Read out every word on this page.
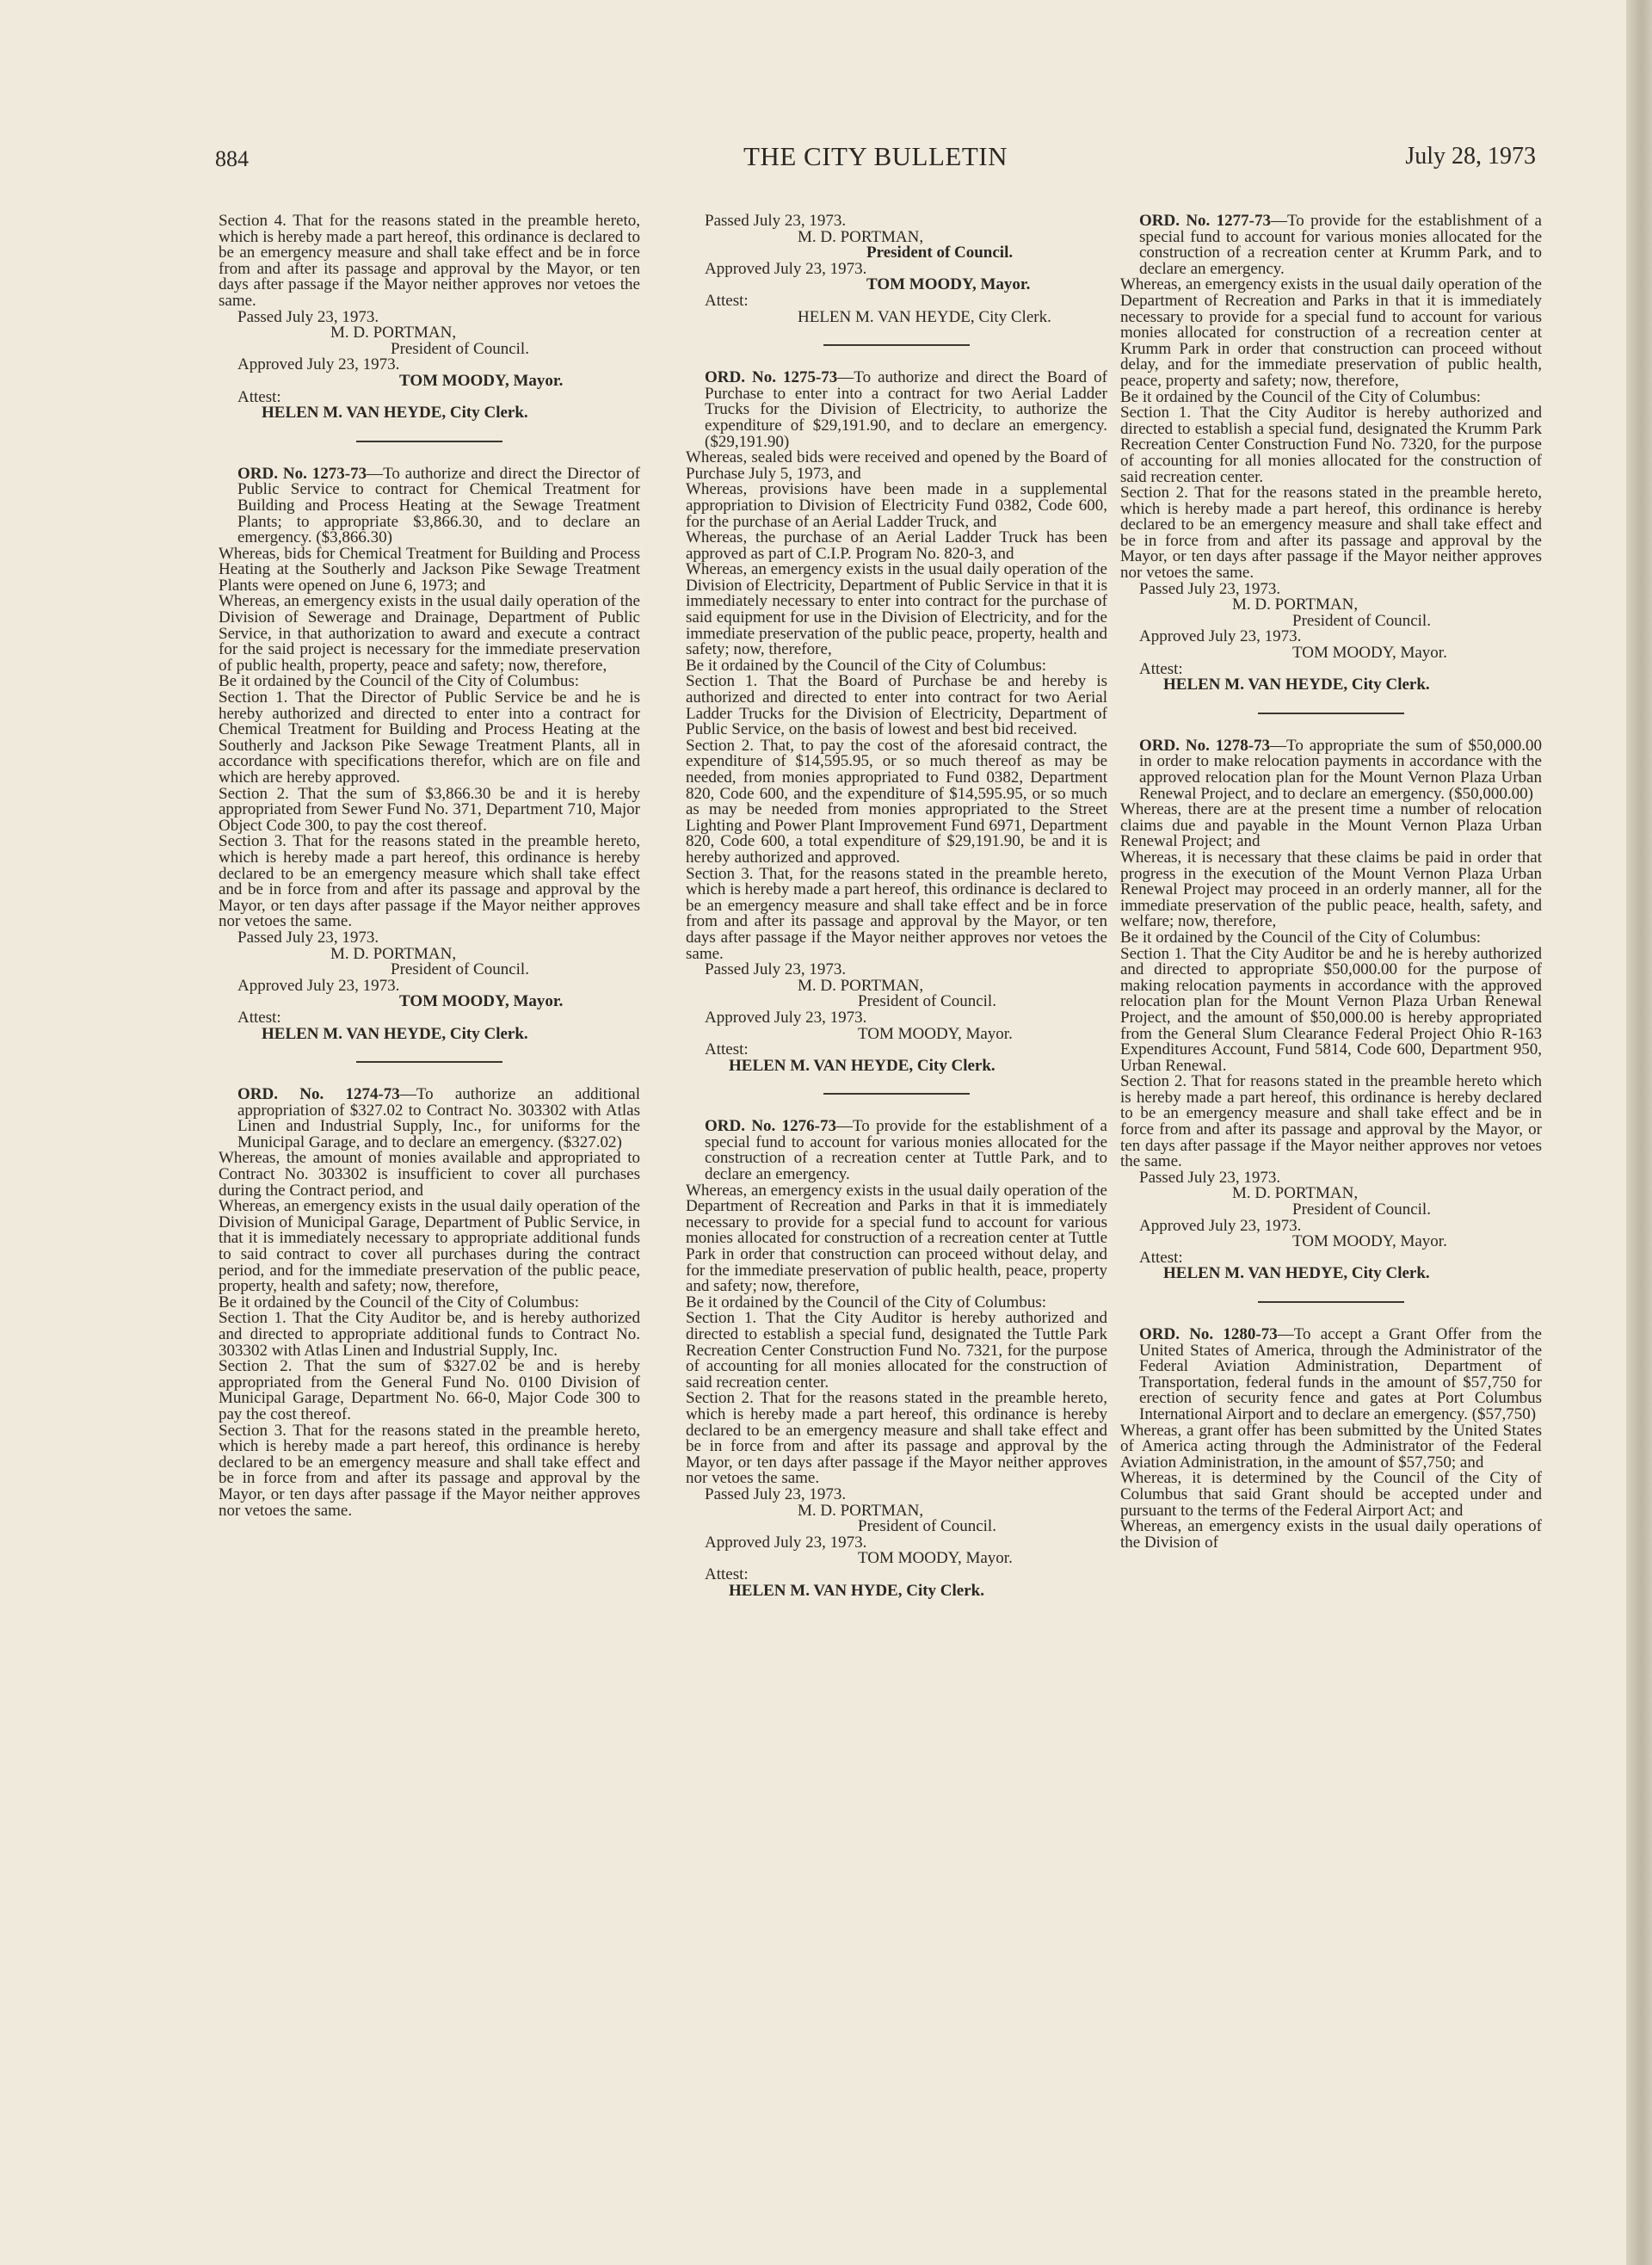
884	THE CITY BULLETIN	July 28, 1973

Section 4. That for the reasons stated in the preamble hereto, which is hereby made a part hereof, this ordinance is declared to be an emergency measure and shall take effect and be in force from and after its passage and approval by the Mayor, or ten days after passage if the Mayor neither approves nor vetoes the same.

Passed July 23, 1973.

M. D. PORTMAN,

President of Council.

Approved July 23, 1973.

TOM MOODY, Mayor.

Attest:

HELEN M. VAN HEYDE, City Clerk.

ORD. No. 1273-73—To authorize and direct the Director of Public Service to contract for Chemical Treatment for Building and Process Heating at the Sewage Treatment Plants; to appropriate $3,866.30, and to declare an emergency. ($3,866.30)

Whereas, bids for Chemical Treatment for Building and Process Heating at the Southerly and Jackson Pike Sewage Treatment Plants were opened on June 6, 1973; and

Whereas, an emergency exists in the usual daily operation of the Division of Sewerage and Drainage, Department of Public Service, in that authorization to award and execute a contract for the said project is necessary for the immediate preservation of public health, property, peace and safety; now, therefore,

Be it ordained by the Council of the City of Columbus:

Section 1. That the Director of Public Service be and he is hereby authorized and directed to enter into a contract for Chemical Treatment for Building and Process Heating at the Southerly and Jackson Pike Sewage Treatment Plants, all in accordance with specifications therefor, which are on file and which are hereby approved.

Section 2. That the sum of $3,866.30 be and it is hereby appropriated from Sewer Fund No. 371, Department 710, Major Object Code 300, to pay the cost thereof.

Section 3. That for the reasons stated in the preamble hereto, which is hereby made a part hereof, this ordinance is hereby declared to be an emergency measure which shall take effect and be in force from and after its passage and approval by the Mayor, or ten days after passage if the Mayor neither approves nor vetoes the same.

Passed July 23, 1973.

M. D. PORTMAN,

President of Council.

Approved July 23, 1973.

TOM MOODY, Mayor.

Attest:

HELEN M. VAN HEYDE, City Clerk.

ORD. No. 1274-73—To authorize an additional appropriation of $327.02 to Contract No. 303302 with Atlas Linen and Industrial Supply, Inc., for uniforms for the Municipal Garage, and to declare an emergency. ($327.02)

Whereas, the amount of monies available and appropriated to Contract No. 303302 is insufficient to cover all purchases during the Contract period, and

Whereas, an emergency exists in the usual daily operation of the Division of Municipal Garage, Department of Public Service, in that it is immediately necessary to appropriate additional funds to said contract to cover all purchases during the contract period, and for the immediate preservation of the public peace, property, health and safety; now, therefore,

Be it ordained by the Council of the City of Columbus:

Section 1. That the City Auditor be, and is hereby authorized and directed to appropriate additional funds to Contract No. 303302 with Atlas Linen and Industrial Supply, Inc.

Section 2. That the sum of $327.02 be and is hereby appropriated from the General Fund No. 0100 Division of Municipal Garage, Department No. 66-0, Major Code 300 to pay the cost thereof.

Section 3. That for the reasons stated in the preamble hereto, which is hereby made a part hereof, this ordinance is hereby declared to be an emergency measure and shall take effect and be in force from and after its passage and approval by the Mayor, or ten days after passage if the Mayor neither approves nor vetoes the same.

Passed July 23, 1973.

M. D. PORTMAN,

President of Council.

Approved July 23, 1973.

TOM MOODY, Mayor.

Attest:

HELEN M. VAN HEYDE, City Clerk.

ORD. No. 1275-73—To authorize and direct the Board of Purchase to enter into a contract for two Aerial Ladder Trucks for the Division of Electricity, to authorize the expenditure of $29,191.90, and to declare an emergency. ($29,191.90)

Whereas, sealed bids were received and opened by the Board of Purchase July 5, 1973, and

Whereas, provisions have been made in a supplemental appropriation to Division of Electricity Fund 0382, Code 600, for the purchase of an Aerial Ladder Truck, and

Whereas, the purchase of an Aerial Ladder Truck has been approved as part of C.I.P. Program No. 820-3, and

Whereas, an emergency exists in the usual daily operation of the Division of Electricity, Department of Public Service in that it is immediately necessary to enter into contract for the purchase of said equipment for use in the Division of Electricity, and for the immediate preservation of the public peace, property, health and safety; now, therefore,

Be it ordained by the Council of the City of Columbus:

Section 1. That the Board of Purchase be and hereby is authorized and directed to enter into contract for two Aerial Ladder Trucks for the Division of Electricity, Department of Public Service, on the basis of lowest and best bid received.

Section 2. That, to pay the cost of the aforesaid contract, the expenditure of $14,595.95, or so much thereof as may be needed, from monies appropriated to Fund 0382, Department 820, Code 600, and the expenditure of $14,595.95, or so much as may be needed from monies appropriated to the Street Lighting and Power Plant Improvement Fund 6971, Department 820, Code 600, a total expenditure of $29,191.90, be and it is hereby authorized and approved.

Section 3. That, for the reasons stated in the preamble hereto, which is hereby made a part hereof, this ordinance is declared to be an emergency measure and shall take effect and be in force from and after its passage and approval by the Mayor, or ten days after passage if the Mayor neither approves nor vetoes the same.

Passed July 23, 1973.

M. D. PORTMAN,

President of Council.

Approved July 23, 1973.

TOM MOODY, Mayor.

Attest:

HELEN M. VAN HEYDE, City Clerk.

ORD. No. 1276-73—To provide for the establishment of a special fund to account for various monies allocated for the construction of a recreation center at Tuttle Park, and to declare an emergency.

Whereas, an emergency exists in the usual daily operation of the Department of Recreation and Parks in that it is immediately necessary to provide for a special fund to account for various monies allocated for construction of a recreation center at Tuttle Park in order that construction can proceed without delay, and for the immediate preservation of public health, peace, property and safety; now, therefore,

Be it ordained by the Council of the City of Columbus:

Section 1. That the City Auditor is hereby authorized and directed to establish a special fund, designated the Tuttle Park Recreation Center Construction Fund No. 7321, for the purpose of accounting for all monies allocated for the construction of said recreation center.

Section 2. That for the reasons stated in the preamble hereto, which is hereby made a part hereof, this ordinance is hereby declared to be an emergency measure and shall take effect and be in force from and after its passage and approval by the Mayor, or ten days after passage if the Mayor neither approves nor vetoes the same.

Passed July 23, 1973.

M. D. PORTMAN,

President of Council.

Approved July 23, 1973.

TOM MOODY, Mayor.

Attest:

HELEN M. VAN HYDE, City Clerk.

ORD. No. 1277-73—To provide for the establishment of a special fund to account for various monies allocated for the construction of a recreation center at Krumm Park, and to declare an emergency.

Whereas, an emergency exists in the usual daily operation of the Department of Recreation and Parks in that it is immediately necessary to provide for a special fund to account for various monies allocated for construction of a recreation center at Krumm Park in order that construction can proceed without delay, and for the immediate preservation of public health, peace, property and safety; now, therefore,

Be it ordained by the Council of the City of Columbus:

Section 1. That the City Auditor is hereby authorized and directed to establish a special fund, designated the Krumm Park Recreation Center Construction Fund No. 7320, for the purpose of accounting for all monies allocated for the construction of said recreation center.

Section 2. That for the reasons stated in the preamble hereto, which is hereby made a part hereof, this ordinance is hereby declared to be an emergency measure and shall take effect and be in force from and after its passage and approval by the Mayor, or ten days after passage if the Mayor neither approves nor vetoes the same.

Passed July 23, 1973.

M. D. PORTMAN,

President of Council.

Approved July 23, 1973.

TOM MOODY, Mayor.

Attest:

HELEN M. VAN HEYDE, City Clerk.

ORD. No. 1278-73—To appropriate the sum of $50,000.00 in order to make relocation payments in accordance with the approved relocation plan for the Mount Vernon Plaza Urban Renewal Project, and to declare an emergency. ($50,000.00)

Whereas, there are at the present time a number of relocation claims due and payable in the Mount Vernon Plaza Urban Renewal Project; and

Whereas, it is necessary that these claims be paid in order that progress in the execution of the Mount Vernon Plaza Urban Renewal Project may proceed in an orderly manner, all for the immediate preservation of the public peace, health, safety, and welfare; now, therefore,

Be it ordained by the Council of the City of Columbus:

Section 1. That the City Auditor be and he is hereby authorized and directed to appropriate $50,000.00 for the purpose of making relocation payments in accordance with the approved relocation plan for the Mount Vernon Plaza Urban Renewal Project, and the amount of $50,000.00 is hereby appropriated from the General Slum Clearance Federal Project Ohio R-163 Expenditures Account, Fund 5814, Code 600, Department 950, Urban Renewal.

Section 2. That for reasons stated in the preamble hereto which is hereby made a part hereof, this ordinance is hereby declared to be an emergency measure and shall take effect and be in force from and after its passage and approval by the Mayor, or ten days after passage if the Mayor neither approves nor vetoes the same.

Passed July 23, 1973.

M. D. PORTMAN,

President of Council.

Approved July 23, 1973.

TOM MOODY, Mayor.

Attest:

HELEN M. VAN HEDYE, City Clerk.

ORD. No. 1280-73—To accept a Grant Offer from the United States of America, through the Administrator of the Federal Aviation Administration, Department of Transportation, federal funds in the amount of $57,750 for erection of security fence and gates at Port Columbus International Airport and to declare an emergency. ($57,750)

Whereas, a grant offer has been submitted by the United States of America acting through the Administrator of the Federal Aviation Administration, in the amount of $57,750; and

Whereas, it is determined by the Council of the City of Columbus that said Grant should be accepted under and pursuant to the terms of the Federal Airport Act; and

Whereas, an emergency exists in the usual daily operations of the Division of
